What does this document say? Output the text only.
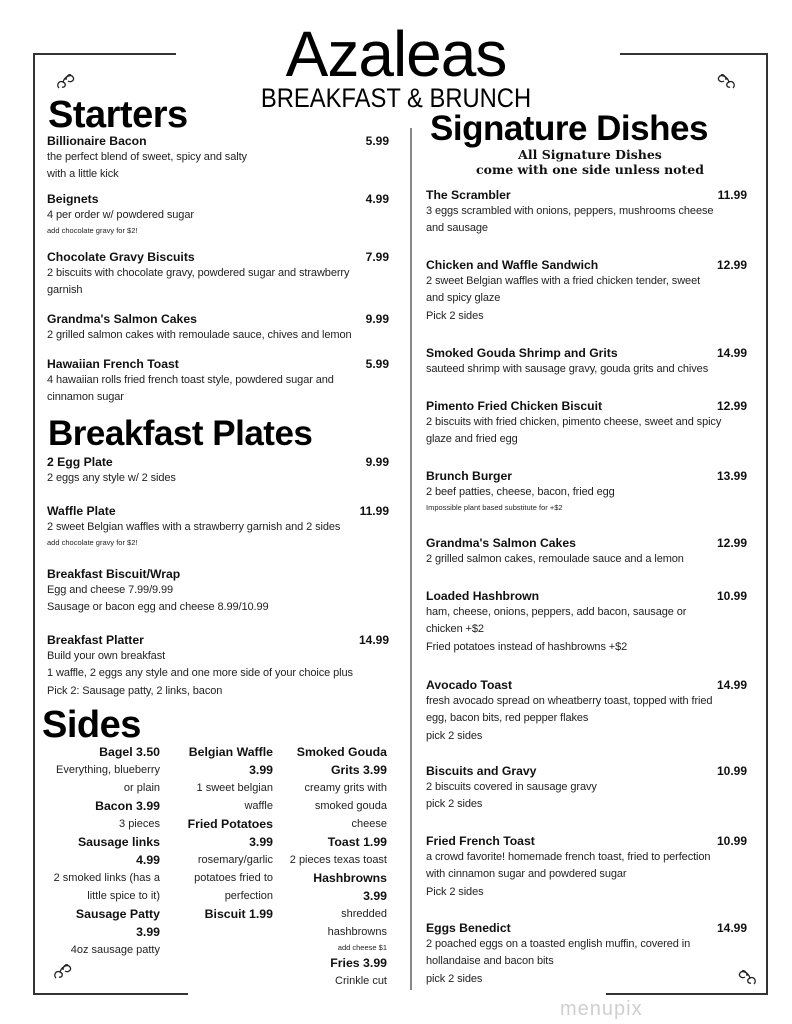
Azaleas
BREAKFAST & BRUNCH
Starters
Breakfast Plates
Sides
Signature Dishes
All Signature Dishes
come with one side unless noted
Billionaire Bacon	5.99
the perfect blend of sweet, spicy and salty
with a little kick
Beignets	4.99
4 per order w/ powdered sugar
add chocolate gravy for $2!
Chocolate Gravy Biscuits	7.99
2 biscuits with chocolate gravy, powdered sugar and strawberry
garnish
Grandma's Salmon Cakes	9.99
2 grilled salmon cakes with remoulade sauce, chives and lemon
Hawaiian French Toast	5.99
4 hawaiian rolls fried french toast style, powdered sugar and
cinnamon sugar
2 Egg Plate	9.99
2 eggs any style w/ 2 sides
Waffle Plate	11.99
2 sweet Belgian waffles with a strawberry garnish and 2 sides
add chocolate gravy for $2!
Breakfast Biscuit/Wrap
Egg and cheese 7.99/9.99
Sausage or bacon egg and cheese 8.99/10.99
Breakfast Platter	14.99
Build your own breakfast
1 waffle, 2 eggs any style and one more side of your choice plus
Pick 2: Sausage patty, 2 links, bacon
The Scrambler	11.99
3 eggs scrambled with onions, peppers, mushrooms cheese
and sausage
Chicken and Waffle Sandwich	12.99
2 sweet Belgian waffles with a fried chicken tender, sweet
and spicy glaze
Pick 2 sides
Smoked Gouda Shrimp and Grits	14.99
sauteed shrimp with sausage gravy, gouda grits and chives
Pimento Fried Chicken Biscuit	12.99
2 biscuits with fried chicken, pimento cheese, sweet and spicy
glaze and fried egg
Brunch Burger	13.99
2 beef patties, cheese, bacon, fried egg
Impossible plant based substitute for +$2
Grandma's Salmon Cakes	12.99
2 grilled salmon cakes, remoulade sauce and a lemon
Loaded Hashbrown	10.99
ham, cheese, onions, peppers, add bacon, sausage or
chicken +$2
Fried potatoes instead of hashbrowns +$2
Avocado Toast	14.99
fresh avocado spread on wheatberry toast, topped with fried
egg, bacon bits, red pepper flakes
pick 2 sides
Biscuits and Gravy	10.99
2 biscuits covered in sausage gravy
pick 2 sides
Fried French Toast	10.99
a crowd favorite! homemade french toast, fried to perfection
with cinnamon sugar and powdered sugar
Pick 2 sides
Eggs Benedict	14.99
2 poached eggs on a toasted english muffin, covered in
hollandaise and bacon bits
pick 2 sides
Bagel 3.50
Everything, blueberry
or plain
Bacon 3.99
3 pieces
Sausage links
4.99
2 smoked links (has a
little spice to it)
Sausage Patty
3.99
4oz sausage patty
Belgian Waffle
3.99
1 sweet belgian
waffle
Fried Potatoes
3.99
rosemary/garlic
potatoes fried to
perfection
Biscuit 1.99
Smoked Gouda
Grits 3.99
creamy grits with
smoked gouda
cheese
Toast 1.99
2 pieces texas toast
Hashbrowns
3.99
shredded
hashbrowns
add cheese $1
Fries 3.99
Crinkle cut
menupix
